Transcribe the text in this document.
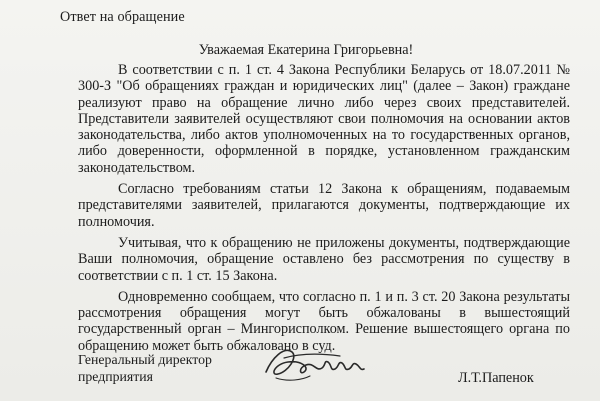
Ответ на обращение
Уважаемая Екатерина Григорьевна!

В соответствии с п. 1 ст. 4 Закона Республики Беларусь от 18.07.2011 № 300-З "Об обращениях граждан и юридических лиц" (далее – Закон) граждане реализуют право на обращение лично либо через своих представителей. Представители заявителей осуществляют свои полномочия на основании актов законодательства, либо актов уполномоченных на то государственных органов, либо доверенности, оформленной в порядке, установленном гражданским законодательством.

Согласно требованиям статьи 12 Закона к обращениям, подаваемым представителями заявителей, прилагаются документы, подтверждающие их полномочия.

Учитывая, что к обращению не приложены документы, подтверждающие Ваши полномочия, обращение оставлено без рассмотрения по существу в соответствии с п. 1 ст. 15 Закона.

Одновременно сообщаем, что согласно п. 1 и п. 3 ст. 20 Закона результаты рассмотрения обращения могут быть обжалованы в вышестоящий государственный орган – Мингорисполком. Решение вышестоящего органа по обращению может быть обжаловано в суд.

Генеральный директор
предприятия	Л.Т.Папенок
